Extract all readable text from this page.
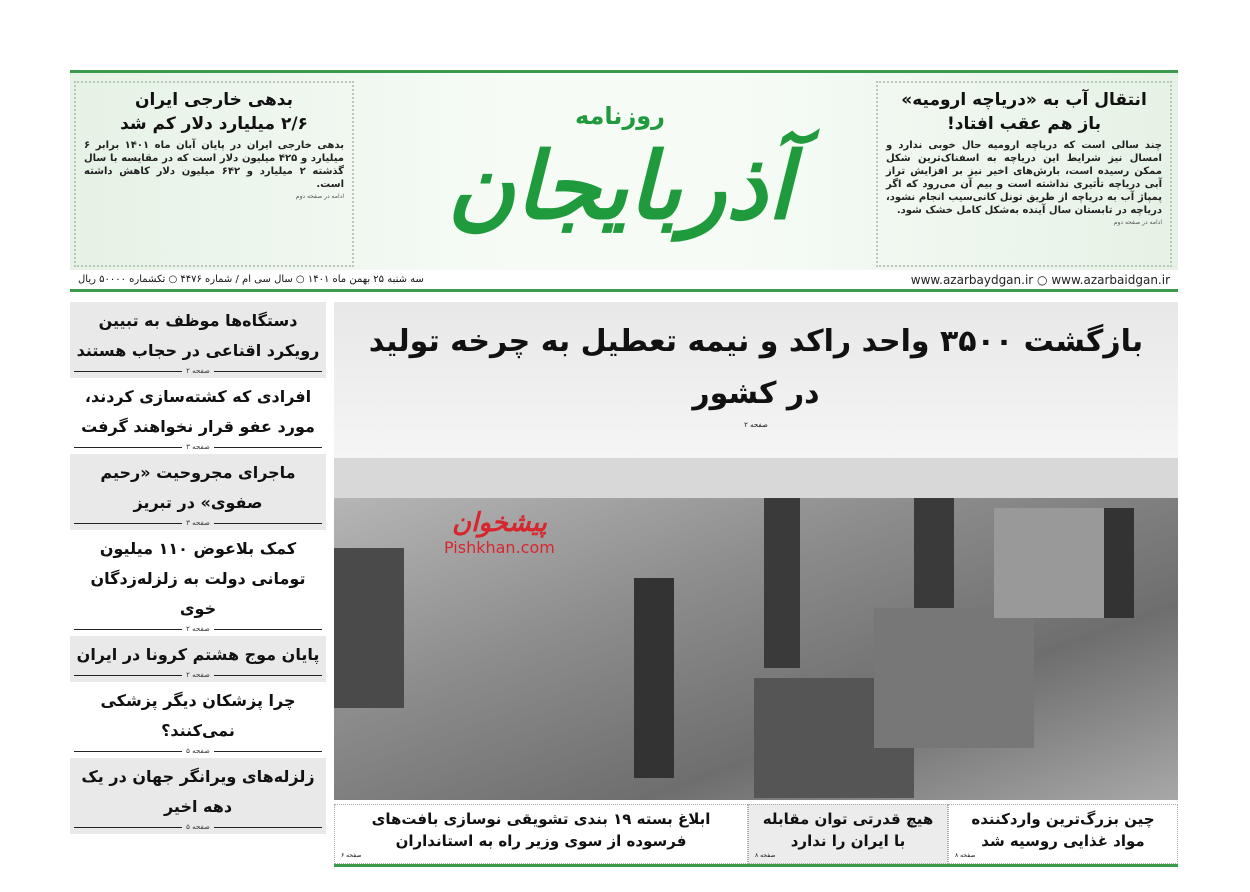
انتقال آب به «دریاچه ارومیه»
باز هم عقب افتاد!

چند سالی است که دریاچه ارومیه حال خوبی ندارد و امسال نیز شرایط این دریاچه به اسفناک‌ترین شکل ممکن رسیده است، بارش‌های اخیر نیز بر افزایش تراز آبی دریاچه تأثیری نداشته است و بیم آن می‌رود که اگر پمپاژ آب به دریاچه از طریق تونل کانی‌سیب انجام نشود، دریاچه در تابستان سال آینده به‌شکل کامل خشک شود.

ادامه در صفحه دوم
روزنامه
آذربایجان
بدهی خارجی ایران
۲/۶ میلیارد دلار کم شد

بدهی خارجی ایران در پایان آبان ماه ۱۴۰۱ برابر ۶ میلیارد و ۴۲۵ میلیون دلار است که در مقایسه با سال گذشته ۲ میلیارد و ۶۴۲ میلیون دلار کاهش داشته است.

ادامه در صفحه دوم
سه شنبه ۲۵ بهمن ماه ۱۴۰۱ ○ سال سی ام / شماره ۴۴۷۶ ○ تکشماره ۵۰۰۰۰ ریال	www.azarbaydgan.ir ○ www.azarbaidgan.ir
دستگاه‌ها موظف به تبیین رویکرد اقناعی در حجاب هستند
صفحه ۲
افرادی که کشته‌سازی کردند، مورد عفو قرار نخواهند گرفت
صفحه ۳
ماجرای مجروحیت «رحیم صفوی» در تبریز
صفحه ۳
کمک بلاعوض ۱۱۰ میلیون تومانی دولت به زلزله‌زدگان خوی
صفحه ۲
پایان موج هشتم کرونا در ایران
صفحه ۲
چرا پزشکان دیگر پزشکی نمی‌کنند؟
صفحه ۵
زلزله‌های ویرانگر جهان در یک دهه اخیر
صفحه ۵
بازگشت ۳۵۰۰ واحد راکد و نیمه تعطیل به چرخه تولید در کشور
صفحه ۲
پیشخوان
Pishkhan.com
چین بزرگ‌ترین واردکننده مواد غذایی روسیه شد
صفحه ۸
هیچ قدرتی توان مقابله با ایران را ندارد
صفحه ۸
ابلاغ بسته ۱۹ بندی تشویقی نوسازی بافت‌های فرسوده از سوی وزیر راه به استانداران
صفحه ۶
